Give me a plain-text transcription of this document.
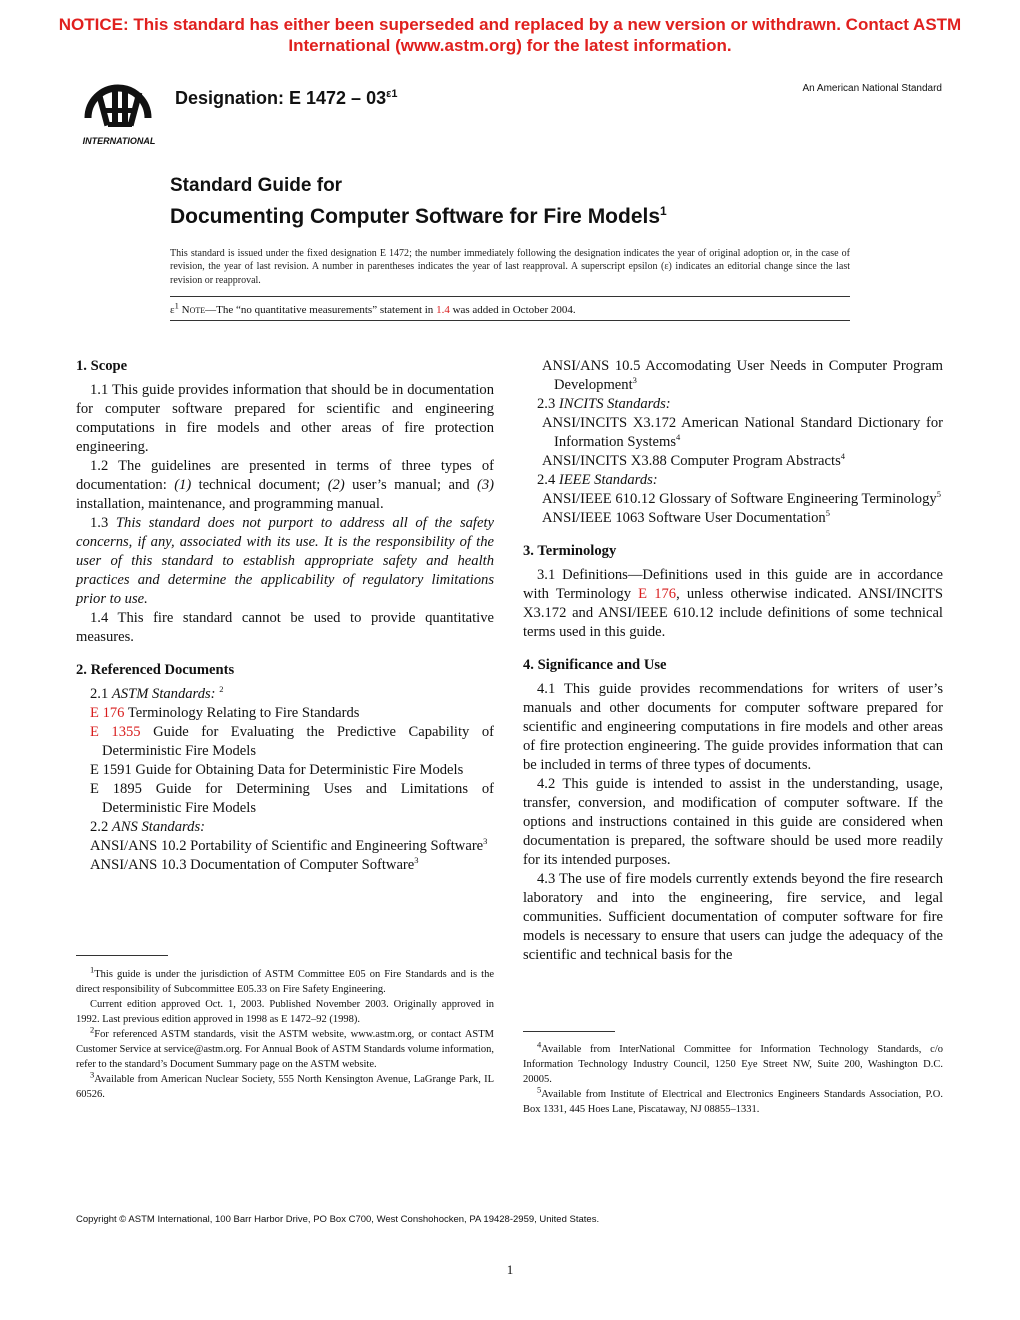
NOTICE: This standard has either been superseded and replaced by a new version or withdrawn. Contact ASTM
International (www.astm.org) for the latest information.
INTERNATIONAL
Designation: E $1472 - 03^{\varepsilon 1}$	An American National Standard
Standard Guide for
Documenting Computer Software for Fire Models$^1$
This standard is issued under the fixed designation E 1472; the number immediately following the designation indicates the year of original adoption or, in the case of revision, the year of last revision. A number in parentheses indicates the year of last reapproval. A superscript epsilon (ε) indicates an editorial change since the last revision or reapproval.
ε$^1$ Note—The “no quantitative measurements” statement in 1.4 was added in October 2004.
1. Scope

1.1 This guide provides information that should be in documentation for computer software prepared for scientific and engineering computations in fire models and other areas of fire protection engineering.

1.2 The guidelines are presented in terms of three types of documentation: (1) technical document; (2) user’s manual; and (3) installation, maintenance, and programming manual.

1.3 This standard does not purport to address all of the safety concerns, if any, associated with its use. It is the responsibility of the user of this standard to establish appropriate safety and health practices and determine the applicability of regulatory limitations prior to use.

1.4 This fire standard cannot be used to provide quantitative measures.

2. Referenced Documents

2.1 ASTM Standards: $^2$

E 176 Terminology Relating to Fire Standards

E 1355 Guide for Evaluating the Predictive Capability of Deterministic Fire Models

E 1591 Guide for Obtaining Data for Deterministic Fire Models

E 1895 Guide for Determining Uses and Limitations of Deterministic Fire Models

2.2 ANS Standards:

ANSI/ANS 10.2 Portability of Scientific and Engineering Software$^3$

ANSI/ANS 10.3 Documentation of Computer Software$^3$

ANSI/ANS 10.5 Accomodating User Needs in Computer Program Development$^3$

2.3 INCITS Standards:

ANSI/INCITS X3.172 American National Standard Dictionary for Information Systems$^4$

ANSI/INCITS X3.88 Computer Program Abstracts$^4$

2.4 IEEE Standards:

ANSI/IEEE 610.12 Glossary of Software Engineering Terminology$^5$

ANSI/IEEE 1063 Software User Documentation$^5$

3. Terminology

3.1 Definitions—Definitions used in this guide are in accordance with Terminology E 176, unless otherwise indicated. ANSI/INCITS X3.172 and ANSI/IEEE 610.12 include definitions of some technical terms used in this guide.

4. Significance and Use

4.1 This guide provides recommendations for writers of user’s manuals and other documents for computer software prepared for scientific and engineering computations in fire models and other areas of fire protection engineering. The guide provides information that can be included in terms of three types of documents.

4.2 This guide is intended to assist in the understanding, usage, transfer, conversion, and modification of computer software. If the options and instructions contained in this guide are considered when documentation is prepared, the software should be used more readily for its intended purposes.

4.3 The use of fire models currently extends beyond the fire research laboratory and into the engineering, fire service, and legal communities. Sufficient documentation of computer software for fire models is necessary to ensure that users can judge the adequacy of the scientific and technical basis for the

$^1$This guide is under the jurisdiction of ASTM Committee E05 on Fire Standards and is the direct responsibility of Subcommittee E05.33 on Fire Safety Engineering.

Current edition approved Oct. 1, 2003. Published November 2003. Originally approved in 1992. Last previous edition approved in 1998 as E 1472–92 (1998).

$^2$For referenced ASTM standards, visit the ASTM website, www.astm.org, or contact ASTM Customer Service at service@astm.org. For Annual Book of ASTM Standards volume information, refer to the standard’s Document Summary page on the ASTM website.

$^3$Available from American Nuclear Society, 555 North Kensington Avenue, LaGrange Park, IL 60526.

$^4$Available from InterNational Committee for Information Technology Standards, c/o Information Technology Industry Council, 1250 Eye Street NW, Suite 200, Washington D.C. 20005.

$^5$Available from Institute of Electrical and Electronics Engineers Standards Association, P.O. Box 1331, 445 Hoes Lane, Piscataway, NJ 08855–1331.

Copyright © ASTM International, 100 Barr Harbor Drive, PO Box C700, West Conshohocken, PA 19428-2959, United States.
1
